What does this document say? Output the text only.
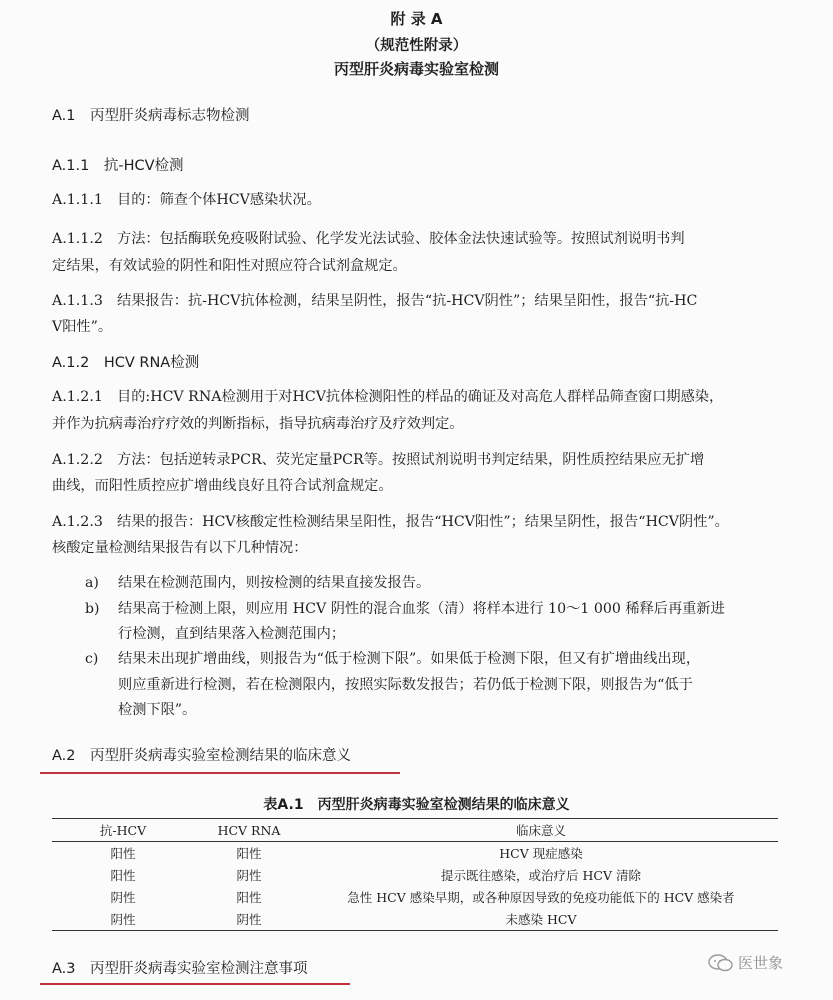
附 录 A
（规范性附录）
丙型肝炎病毒实验室检测
A.1　丙型肝炎病毒标志物检测
A.1.1　抗-HCV检测
A.1.1.1　目的：筛查个体HCV感染状况。
A.1.1.2　方法：包括酶联免疫吸附试验、化学发光法试验、胶体金法快速试验等。按照试剂说明书判
定结果，有效试验的阴性和阳性对照应符合试剂盒规定。
A.1.1.3　结果报告：抗-HCV抗体检测，结果呈阴性，报告“抗-HCV阴性”；结果呈阳性，报告“抗-HC
V阳性”。
A.1.2　HCV RNA检测
A.1.2.1　目的:HCV RNA检测用于对HCV抗体检测阳性的样品的确证及对高危人群样品筛查窗口期感染，
并作为抗病毒治疗疗效的判断指标，指导抗病毒治疗及疗效判定。
A.1.2.2　方法：包括逆转录PCR、荧光定量PCR等。按照试剂说明书判定结果，阴性质控结果应无扩增
曲线，而阳性质控应扩增曲线良好且符合试剂盒规定。
A.1.2.3　结果的报告：HCV核酸定性检测结果呈阳性，报告“HCV阳性”；结果呈阴性，报告“HCV阴性”。
核酸定量检测结果报告有以下几种情况：
a) 结果在检测范围内，则按检测的结果直接发报告。
b) 结果高于检测上限，则应用 HCV 阴性的混合血浆（清）将样本进行 10～1 000 稀释后再重新进
行检测，直到结果落入检测范围内；
c) 结果未出现扩增曲线，则报告为“低于检测下限”。如果低于检测下限，但又有扩增曲线出现，
则应重新进行检测，若在检测限内，按照实际数发报告；若仍低于检测下限，则报告为“低于
检测下限”。
A.2　丙型肝炎病毒实验室检测结果的临床意义
表A.1　丙型肝炎病毒实验室检测结果的临床意义
抗-HCV	HCV RNA	临床意义
阳性	阳性	HCV 现症感染
阳性	阴性	提示既往感染，或治疗后 HCV 清除
阴性	阳性	急性 HCV 感染早期，或各种原因导致的免疫功能低下的 HCV 感染者
阴性	阴性	未感染 HCV
A.3　丙型肝炎病毒实验室检测注意事项	医世象
